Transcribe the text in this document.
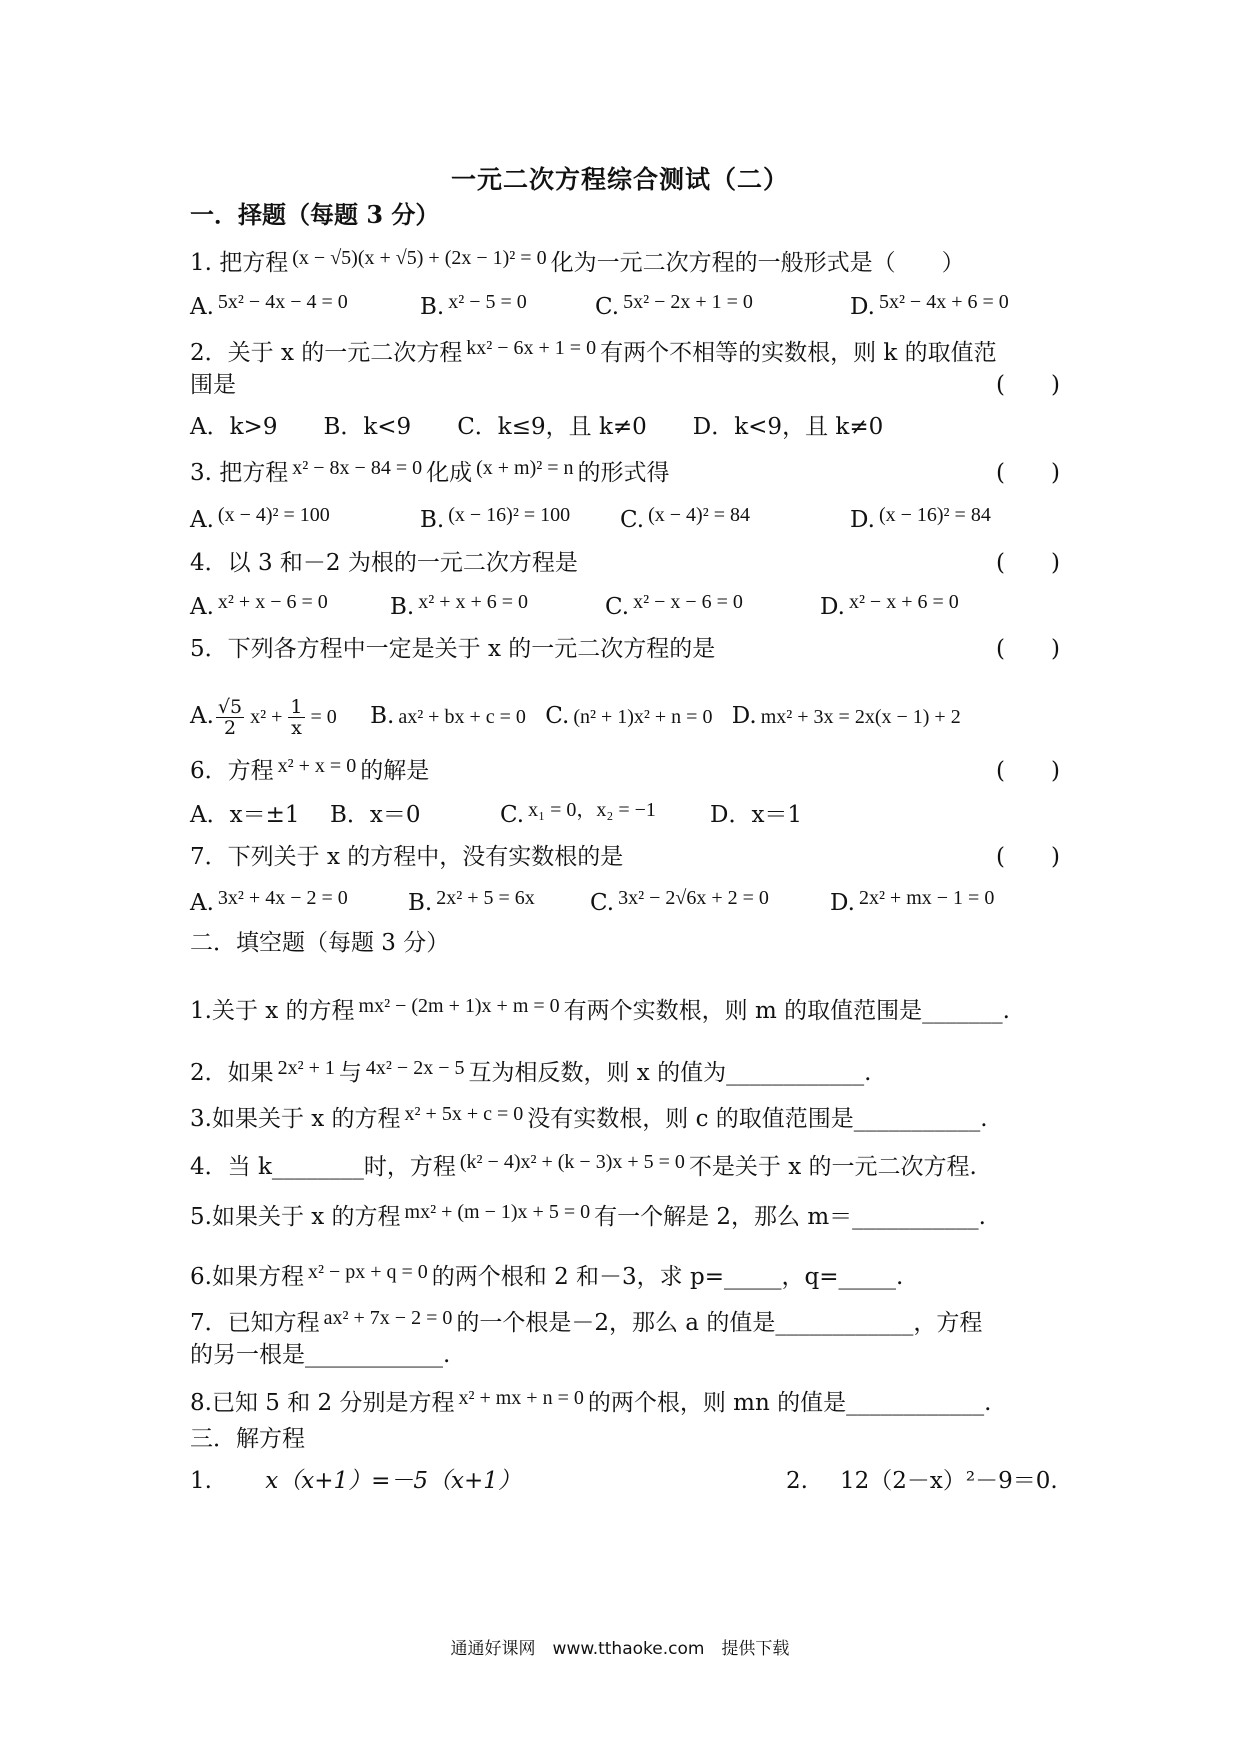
一元二次方程综合测试（二）
一．择题（每题 3 分）
1. 把方程 (x − √5)(x + √5) + (2x − 1)² = 0 化为一元二次方程的一般形式是（　　）
A. 5x² − 4x − 4 = 0	B. x² − 5 = 0	C. 5x² − 2x + 1 = 0	D. 5x² − 4x + 6 = 0
2．关于 x 的一元二次方程 kx² − 6x + 1 = 0 有两个不相等的实数根，则 k 的取值范
围是	(　　)
A．k>9　　B．k<9　　C．k≤9，且 k≠0　　D．k<9，且 k≠0
3. 把方程 x² − 8x − 84 = 0 化成 (x + m)² = n 的形式得	(　　)
A. (x − 4)² = 100	B. (x − 16)² = 100 C. (x − 4)² = 84	D. (x − 16)² = 84
4．以 3 和－2 为根的一元二次方程是	(　　)
A. x² + x − 6 = 0	B. x² + x + 6 = 0	C. x² − x − 6 = 0	D. x² − x + 6 = 0
5．下列各方程中一定是关于 x 的一元二次方程的是	(　　)
A. $\frac{√5}{2} x^2 + \frac{1}{x} = 0$ B. ax² + bx + c = 0 C. (n² + 1)x² + n = 0 D. mx² + 3x = 2x(x − 1) + 2
6．方程 x² + x = 0 的解是	(　　)
A．x＝±1 B．x＝0	C. x₁ = 0，x₂ = −1 D．x＝1
7．下列关于 x 的方程中，没有实数根的是	(　　)
A. 3x² + 4x − 2 = 0	B. 2x² + 5 = 6x C. 3x² − 2√6x + 2 = 0	D. 2x² + mx − 1 = 0
二．填空题（每题 3 分）
1.关于 x 的方程 mx² − (2m + 1)x + m = 0 有两个实数根，则 m 的取值范围是_______.
2．如果 2x² + 1 与 4x² − 2x − 5 互为相反数，则 x 的值为____________.
3.如果关于 x 的方程 x² + 5x + c = 0 没有实数根，则 c 的取值范围是___________.
4．当 k________时，方程 (k² − 4)x² + (k − 3)x + 5 = 0 不是关于 x 的一元二次方程.
5.如果关于 x 的方程 mx² + (m − 1)x + 5 = 0 有一个解是 2，那么 m＝___________.
6.如果方程 x² − px + q = 0 的两个根和 2 和－3，求 p=_____，q=_____.
7．已知方程 ax² + 7x − 2 = 0 的一个根是－2，那么 a 的值是____________，方程
的另一根是____________.
8.已知 5 和 2 分别是方程 x² + mx + n = 0 的两个根，则 mn 的值是____________.
三．解方程
1. x（x+1）=－5（x+1）	2. 12（2－x）²－9＝0.
通通好课网　www.tthaoke.com　提供下载
